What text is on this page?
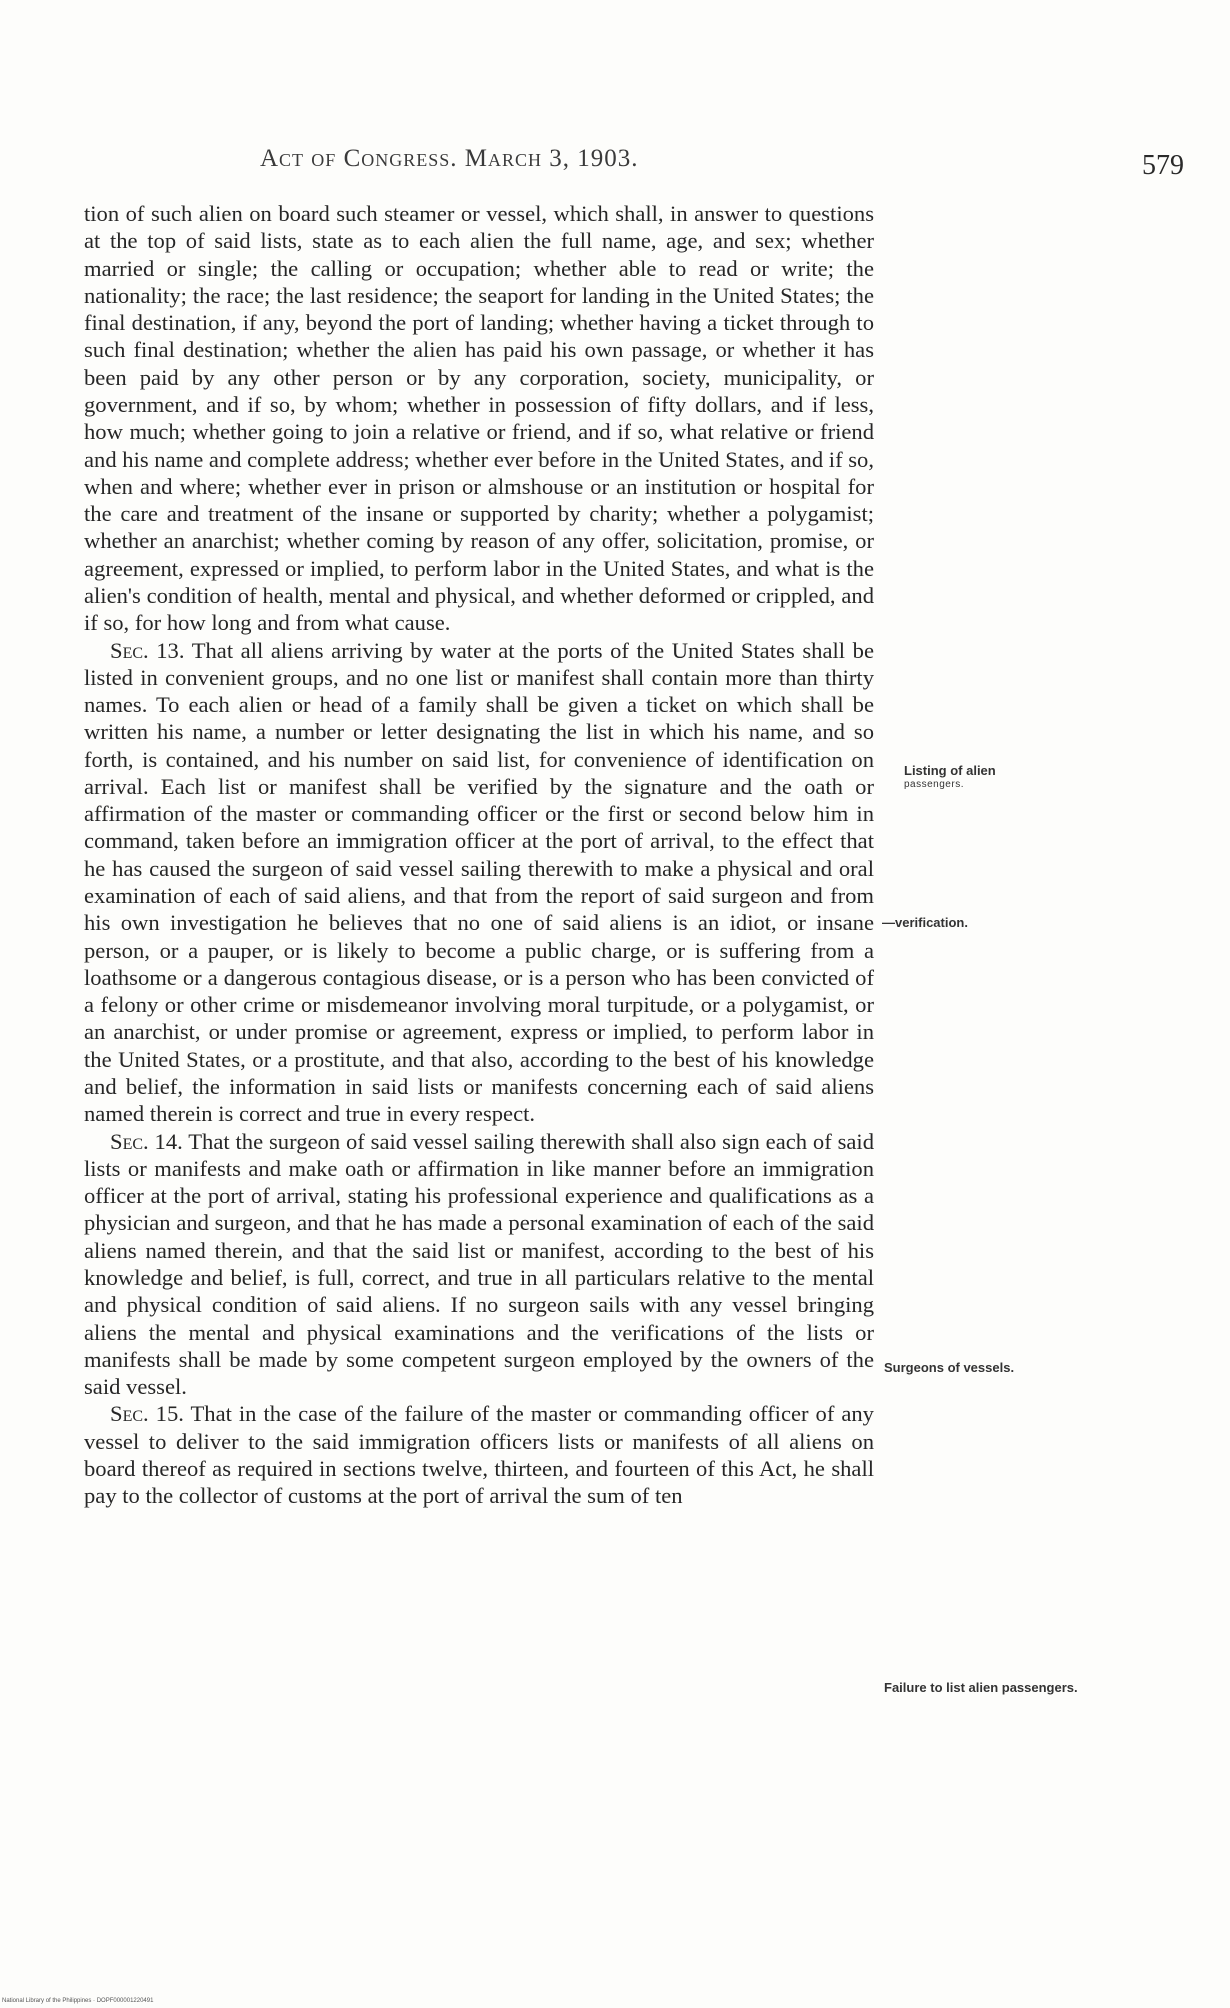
Act of Congress. March 3, 1903.	579

tion of such alien on board such steamer or vessel, which shall, in answer to questions at the top of said lists, state as to each alien the full name, age, and sex; whether married or single; the calling or occupation; whether able to read or write; the nationality; the race; the last residence; the seaport for landing in the United States; the final destination, if any, beyond the port of landing; whether having a ticket through to such final destination; whether the alien has paid his own passage, or whether it has been paid by any other person or by any corporation, society, municipality, or government, and if so, by whom; whether in possession of fifty dollars, and if less, how much; whether going to join a relative or friend, and if so, what relative or friend and his name and complete address; whether ever before in the United States, and if so, when and where; whether ever in prison or almshouse or an institution or hospital for the care and treatment of the insane or supported by charity; whether a polygamist; whether an anarchist; whether coming by reason of any offer, solicitation, promise, or agreement, expressed or implied, to perform labor in the United States, and what is the alien's condition of health, mental and physical, and whether deformed or crippled, and if so, for how long and from what cause.

Sec. 13. That all aliens arriving by water at the ports of the United States shall be listed in convenient groups, and no one list or manifest shall contain more than thirty names. To each alien or head of a family shall be given a ticket on which shall be written his name, a number or letter designating the list in which his name, and so forth, is contained, and his number on said list, for convenience of identification on arrival. Each list or manifest shall be verified by the signature and the oath or affirmation of the master or commanding officer or the first or second below him in command, taken before an immigration officer at the port of arrival, to the effect that he has caused the surgeon of said vessel sailing therewith to make a physical and oral examination of each of said aliens, and that from the report of said surgeon and from his own investigation he believes that no one of said aliens is an idiot, or insane person, or a pauper, or is likely to become a public charge, or is suffering from a loathsome or a dangerous contagious disease, or is a person who has been convicted of a felony or other crime or misdemeanor involving moral turpitude, or a polygamist, or an anarchist, or under promise or agreement, express or implied, to perform labor in the United States, or a prostitute, and that also, according to the best of his knowledge and belief, the information in said lists or manifests concerning each of said aliens named therein is correct and true in every respect.

Sec. 14. That the surgeon of said vessel sailing therewith shall also sign each of said lists or manifests and make oath or affirmation in like manner before an immigration officer at the port of arrival, stating his professional experience and qualifications as a physician and surgeon, and that he has made a personal examination of each of the said aliens named therein, and that the said list or manifest, according to the best of his knowledge and belief, is full, correct, and true in all particulars relative to the mental and physical condition of said aliens. If no surgeon sails with any vessel bringing aliens the mental and physical examinations and the verifications of the lists or manifests shall be made by some competent surgeon employed by the owners of the said vessel.

Sec. 15. That in the case of the failure of the master or commanding officer of any vessel to deliver to the said immigration officers lists or manifests of all aliens on board thereof as required in sections twelve, thirteen, and fourteen of this Act, he shall pay to the collector of customs at the port of arrival the sum of ten

Listing of alien
passengers.
—verification.
Surgeons of vessels.
Failure to list alien passengers.
National Library of the Philippines · DOPF000001220491
